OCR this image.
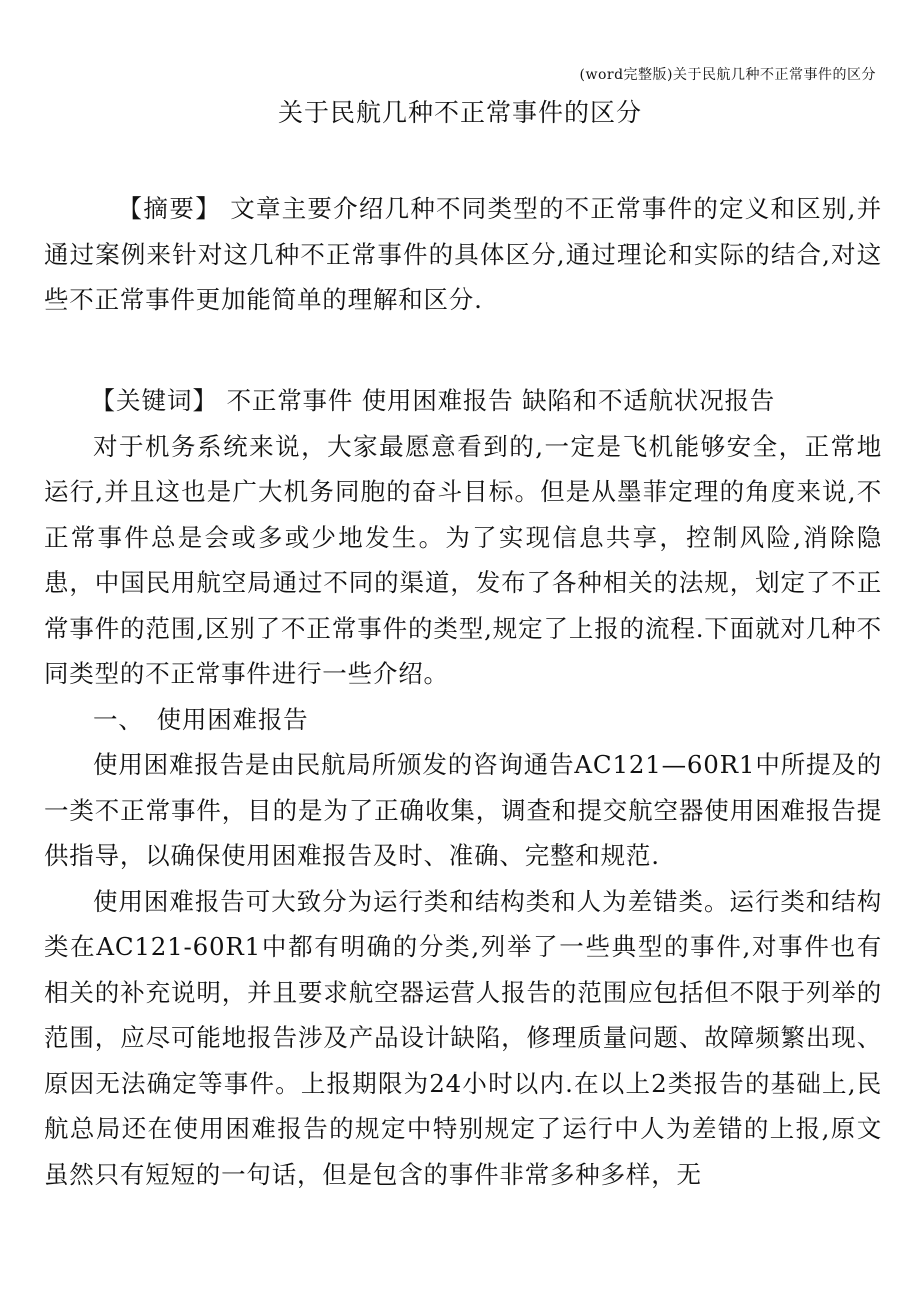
(word完整版)关于民航几种不正常事件的区分
关于民航几种不正常事件的区分

【摘要】 文章主要介绍几种不同类型的不正常事件的定义和区别,并通过案例来针对这几种不正常事件的具体区分,通过理论和实际的结合,对这些不正常事件更加能简单的理解和区分.

【关键词】 不正常事件 使用困难报告 缺陷和不适航状况报告

对于机务系统来说，大家最愿意看到的,一定是飞机能够安全，正常地运行,并且这也是广大机务同胞的奋斗目标。但是从墨菲定理的角度来说,不正常事件总是会或多或少地发生。为了实现信息共享，控制风险,消除隐患，中国民用航空局通过不同的渠道，发布了各种相关的法规，划定了不正常事件的范围,区别了不正常事件的类型,规定了上报的流程.下面就对几种不同类型的不正常事件进行一些介绍。

一、　使用困难报告

使用困难报告是由民航局所颁发的咨询通告AC121—60R1中所提及的一类不正常事件，目的是为了正确收集，调查和提交航空器使用困难报告提供指导，以确保使用困难报告及时、准确、完整和规范.

使用困难报告可大致分为运行类和结构类和人为差错类。运行类和结构类在AC121-60R1中都有明确的分类,列举了一些典型的事件,对事件也有相关的补充说明，并且要求航空器运营人报告的范围应包括但不限于列举的范围，应尽可能地报告涉及产品设计缺陷，修理质量问题、故障频繁出现、原因无法确定等事件。上报期限为24小时以内.在以上2类报告的基础上,民航总局还在使用困难报告的规定中特别规定了运行中人为差错的上报,原文虽然只有短短的一句话，但是包含的事件非常多种多样，无
